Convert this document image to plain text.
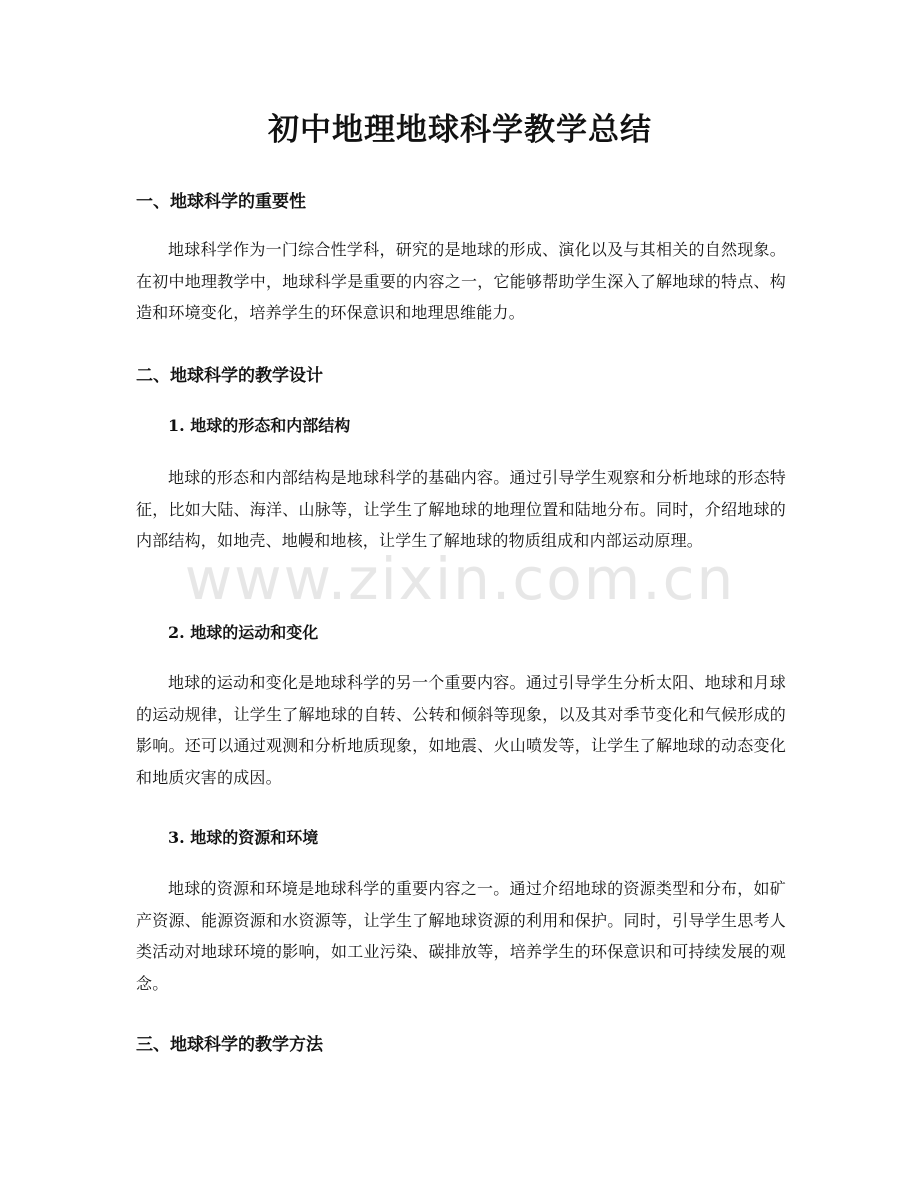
初中地理地球科学教学总结
一、地球科学的重要性

地球科学作为一门综合性学科，研究的是地球的形成、演化以及与其相关的自然现象。在初中地理教学中，地球科学是重要的内容之一，它能够帮助学生深入了解地球的特点、构造和环境变化，培养学生的环保意识和地理思维能力。

二、地球科学的教学设计
1. 地球的形态和内部结构

地球的形态和内部结构是地球科学的基础内容。通过引导学生观察和分析地球的形态特征，比如大陆、海洋、山脉等，让学生了解地球的地理位置和陆地分布。同时，介绍地球的内部结构，如地壳、地幔和地核，让学生了解地球的物质组成和内部运动原理。

2. 地球的运动和变化

地球的运动和变化是地球科学的另一个重要内容。通过引导学生分析太阳、地球和月球的运动规律，让学生了解地球的自转、公转和倾斜等现象，以及其对季节变化和气候形成的影响。还可以通过观测和分析地质现象，如地震、火山喷发等，让学生了解地球的动态变化和地质灾害的成因。

3. 地球的资源和环境

地球的资源和环境是地球科学的重要内容之一。通过介绍地球的资源类型和分布，如矿产资源、能源资源和水资源等，让学生了解地球资源的利用和保护。同时，引导学生思考人类活动对地球环境的影响，如工业污染、碳排放等，培养学生的环保意识和可持续发展的观念。

三、地球科学的教学方法
www.zixin.com.cn
